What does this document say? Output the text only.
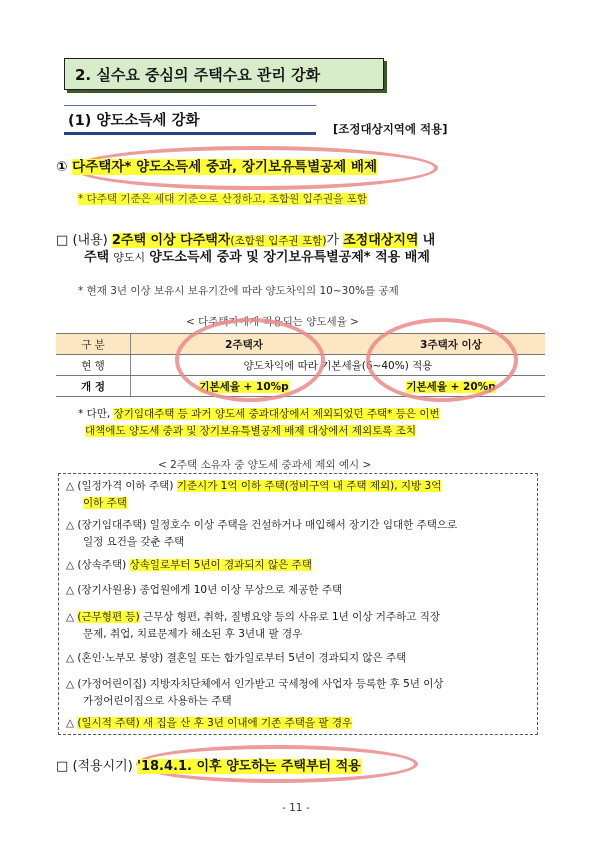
2. 실수요 중심의 주택수요 관리 강화
(1) 양도소득세 강화
[조정대상지역에 적용]
① 다주택자* 양도소득세 중과, 장기보유특별공제 배제
* 다주택 기준은 세대 기준으로 산정하고, 조합원 입주권을 포함
□ (내용) 2주택 이상 다주택자(조합원 입주권 포함)가 조정대상지역 내
주택 양도시 양도소득세 중과 및 장기보유특별공제* 적용 배제
* 현재 3년 이상 보유시 보유기간에 따라 양도차익의 10~30%를 공제
< 다주택자에게 적용되는 양도세율 >
구 분	2주택자	3주택자 이상
현 행	양도차익에 따라 기본세율(6~40%) 적용	
개 정	기본세율 + 10%p	기본세율 + 20%p
* 다만, 장기임대주택 등 과거 양도세 중과대상에서 제외되었던 주택* 등은 이번
대책에도 양도세 중과 및 장기보유특별공제 배제 대상에서 제외토록 조치
< 2주택 소유자 중 양도세 중과세 제외 예시 >
△ (일정가격 이하 주택) 기준시가 1억 이하 주택(정비구역 내 주택 제외), 지방 3억
이하 주택
△ (장기임대주택) 일정호수 이상 주택을 건설하거나 매입해서 장기간 임대한 주택으로
일정 요건을 갖춘 주택
△ (상속주택) 상속일로부터 5년이 경과되지 않은 주택
△ (장기사원용) 종업원에게 10년 이상 무상으로 제공한 주택
△ (근무형편 등) 근무상 형편, 취학, 질병요양 등의 사유로 1년 이상 거주하고 직장
문제, 취업, 치료문제가 해소된 후 3년내 팔 경우
△ (혼인·노부모 봉양) 결혼일 또는 합가일로부터 5년이 경과되지 않은 주택
△ (가정어린이집) 지방자치단체에서 인가받고 국세청에 사업자 등록한 후 5년 이상
가정어린이집으로 사용하는 주택
△ (일시적 주택) 새 집을 산 후 3년 이내에 기존 주택을 팔 경우
□ (적용시기) '18.4.1. 이후 양도하는 주택부터 적용
- 11 -
